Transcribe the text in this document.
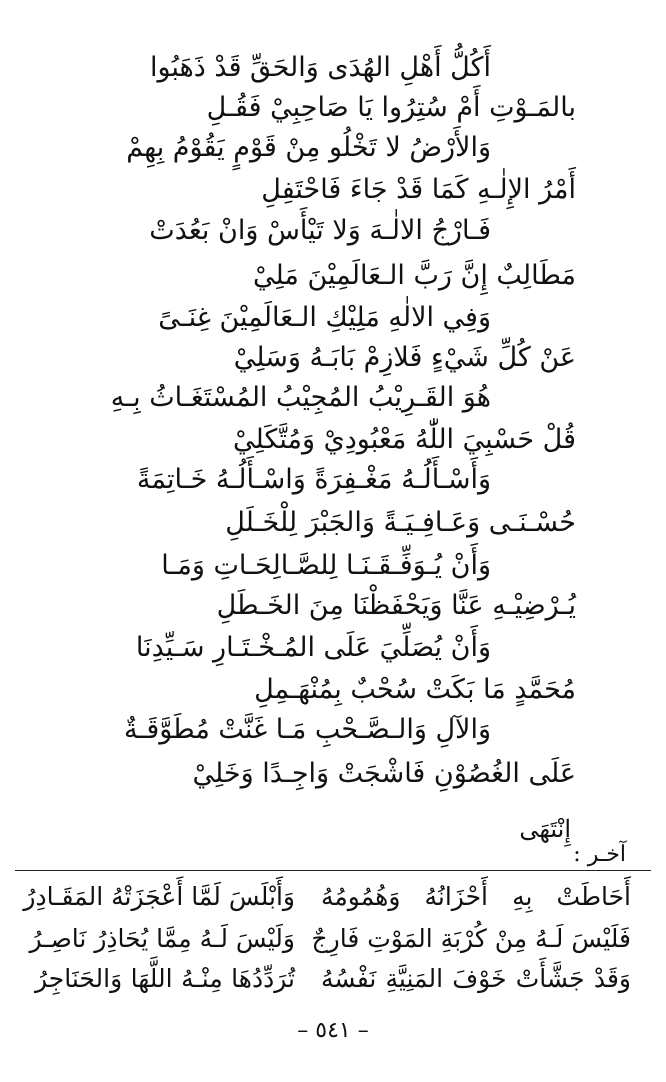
أَكُلُّ أَهْلِ الهُدَى وَالحَقِّ قَدْ ذَهَبُوا
بالمَـوْتِ أَمْ سُتِرُوا يَا صَاحِبِيْ فَقُـلِ
وَالأَرْضُ لا تَخْلُو مِنْ قَوْمٍ يَقُوْمُ بِهِمْ
أَمْرُ الإِلٰـهِ كَمَا قَدْ جَاءَ فَاحْتَفِلِ
فَـارْجُ الالٰـهَ وَلا تَيْأَسْ وَانْ بَعُدَتْ
مَطَالِبٌ إِنَّ رَبَّ الـعَالَمِيْنَ مَلِيْ
وَفِي الالٰهِ مَلِيْكِ الـعَالَمِيْنَ غِنَـىً
عَنْ كُلِّ شَيْءٍ فَلازِمْ بَابَـهُ وَسَلِيْ
هُوَ القَـرِيْبُ المُجِيْبُ المُسْتَغَـاثُ بِـهِ
قُلْ حَسْبِيَ اللّٰهُ مَعْبُودِيْ وَمُتَّكَلِيْ
وَأَسْـأَلُـهُ مَغْـفِرَةً وَاسْـأَلُـهُ خَـاتِمَةً
حُسْـنَـى وَعَـافِـيَـةً وَالجَبْرَ لِلْخَـلَلِ
وَأَنْ يُـوَفِّـقَـنَـا لِلصَّـالِحَـاتِ وَمَـا
يُـرْضِيْـهِ عَنَّا وَيَحْفَظْنَا مِنَ الخَـطَلِ
وَأَنْ يُصَلِّيَ عَلَى المُـخْـتَـارِ سَـيِّدِنَا
مُحَمَّدٍ مَا بَكَتْ سُحْبٌ بِمُنْهَـمِلِ
وَالآلِ وَالـصَّـحْبِ مَـا غَنَّتْ مُطَوَّقَـةٌ
عَلَى الغُصُوْنِ فَاشْجَتْ وَاجِـدًا وَخَلِيْ
إِنْتَهَى
آخـر :
أَحَاطَتْ بِهِ أَحْزَانُهُ وَهُمُومُهُ
وَأَبْلَسَ لَمَّا أَعْجَزَتْهُ المَقَـادِرُ
فَلَيْسَ لَـهُ مِنْ كُرْبَةِ المَوْتِ فَارِجٌ
وَلَيْسَ لَـهُ مِمَّا يُحَاذِرُ نَاصِـرُ
وَقَدْ جَشَّأَتْ خَوْفَ المَنِيَّةِ نَفْسُهُ
تُرَدِّدُهَا مِنْـهُ اللَّهَا وَالحَنَاجِرُ
– ٥٤١ –
